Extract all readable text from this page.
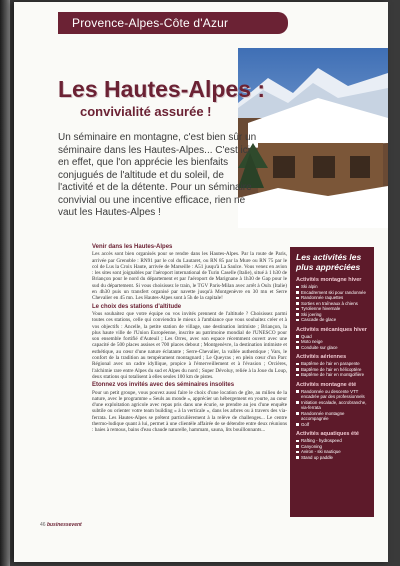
Provence-Alpes-Côte d'Azur
Les Hautes-Alpes :
convivialité assurée !
Un séminaire en montagne, c'est bien sûr un séminaire dans les Hautes-Alpes... C'est ici en effet, que l'on apprécie les bienfaits conjugués de l'altitude et du soleil, de l'activité et de la détente. Pour un séminaire convivial ou une incentive efficace, rien ne vaut les Hautes-Alpes !
Venir dans les Hautes-Alpes

Les accès sont bien organisés pour se rendre dans les Hautes-Alpes. Par la route de Paris, arrivée par Grenoble : RN91 par le col du Lautaret, ou RN 85 par la Mure ou RN 75 par le col de Lus la Croix Haute, arrivée de Marseille : A51 jusqu'à La Saulce. Vous venez en avion : les sites sont joignables par l'aéroport international de Turin Caselle (Italie), situé à 1 h30 de Briançon pour le nord du département et par l'aéroport de Marignane à 1h30 de Gap pour le sud du département. Si vous choisissez le train, le TGV Paris-Milan avec arrêt à Oulx (Italie) en 4h30 puis un transfert organisé par navette jusqu'à Montgenèvre en 30 mn et Serre Chevalier en 45 mn. Les Hautes-Alpes sont à 5h de la capitale!

Le choix des stations d'altitude

Vous souhaitez que votre équipe ou vos invités prennent de l'altitude ? Choisissez parmi toutes ces stations, celle qui conviendra le mieux à l'ambiance que vous souhaitez créer et à vos objectifs : Ancelle, la petite station de village, une destination intimiste ; Briançon, la plus haute ville de l'Union Européenne, inscrite au patrimoine mondial de l'UNESCO pour son ensemble fortifié d'Auteuil ; Les Orres, avec son espace récemment ouvert avec une capacité de 500 places assises et 700 places debout ; Montgenèvre, la destination intimiste et esthétique, au cœur d'une nature éclatante ; Serre-Chevalier, la vallée authentique ; Vars, le confort de la tradition au tempérament montagnard ; Le Queyras ; en plein cœur d'un Parc Régional avec un cadre idyllique, propice à l'émerveillement et à l'évasion ; Orcières, l'alchimie rare entre Alpes du sud et Alpes du nord ; Super Dévoluy, reliée à la Joue du Loup, deux stations qui totalisent à elles seules 100 km de pistes.

Etonnez vos invités avec des séminaires insolites

Pour un petit groupe, vous pouvez aussi faire le choix d'une location de gîte, au milieu de la nature, avec le programme « Seuls au monde », apprécier un hébergement en yourte, au cœur d'une exploitation agricole avec repas pris dans une écurie, se prendre au jeu d'une enquête subtile ou orienter votre team building « à la verticale », dans les arbres ou à travers des via-ferrata. Les Hautes-Alpes se prêtent particulièrement à la relève de challenges... Le centre thermo-ludique quant à lui, permet à une clientèle affairée de se détendre entre deux réunions : baies à remous, bains d'eau chaude naturelle, hammam, sauna, lits bouillonnants...

Les activités les plus appréciées
Activités montagne hiver
Ski alpin
Encadrement ski pour randonnée
Randonnée raquettes
Sorties en traîneaux à chiens
Tyrolienne hivernale
Ski joering
Cascade de glace
Activités mécaniques hiver
Quad
Moto neige
Conduite sur glace
Activités aériennes
Baptême de l'air en parapente
Baptême de l'air en hélicoptère
Baptême de l'air en montgolfière
Activités montagne été
Randonnée ou descente VTT encadrée par des professionnels
Initiation escalade, accrobranche, via-ferrata
Randonnée montagne accompagnée
Golf
Activités aquatiques été
Rafting - hydrospeed
Canyoning
Aviron - ski nautique
Stand up paddle
46 businessevent
